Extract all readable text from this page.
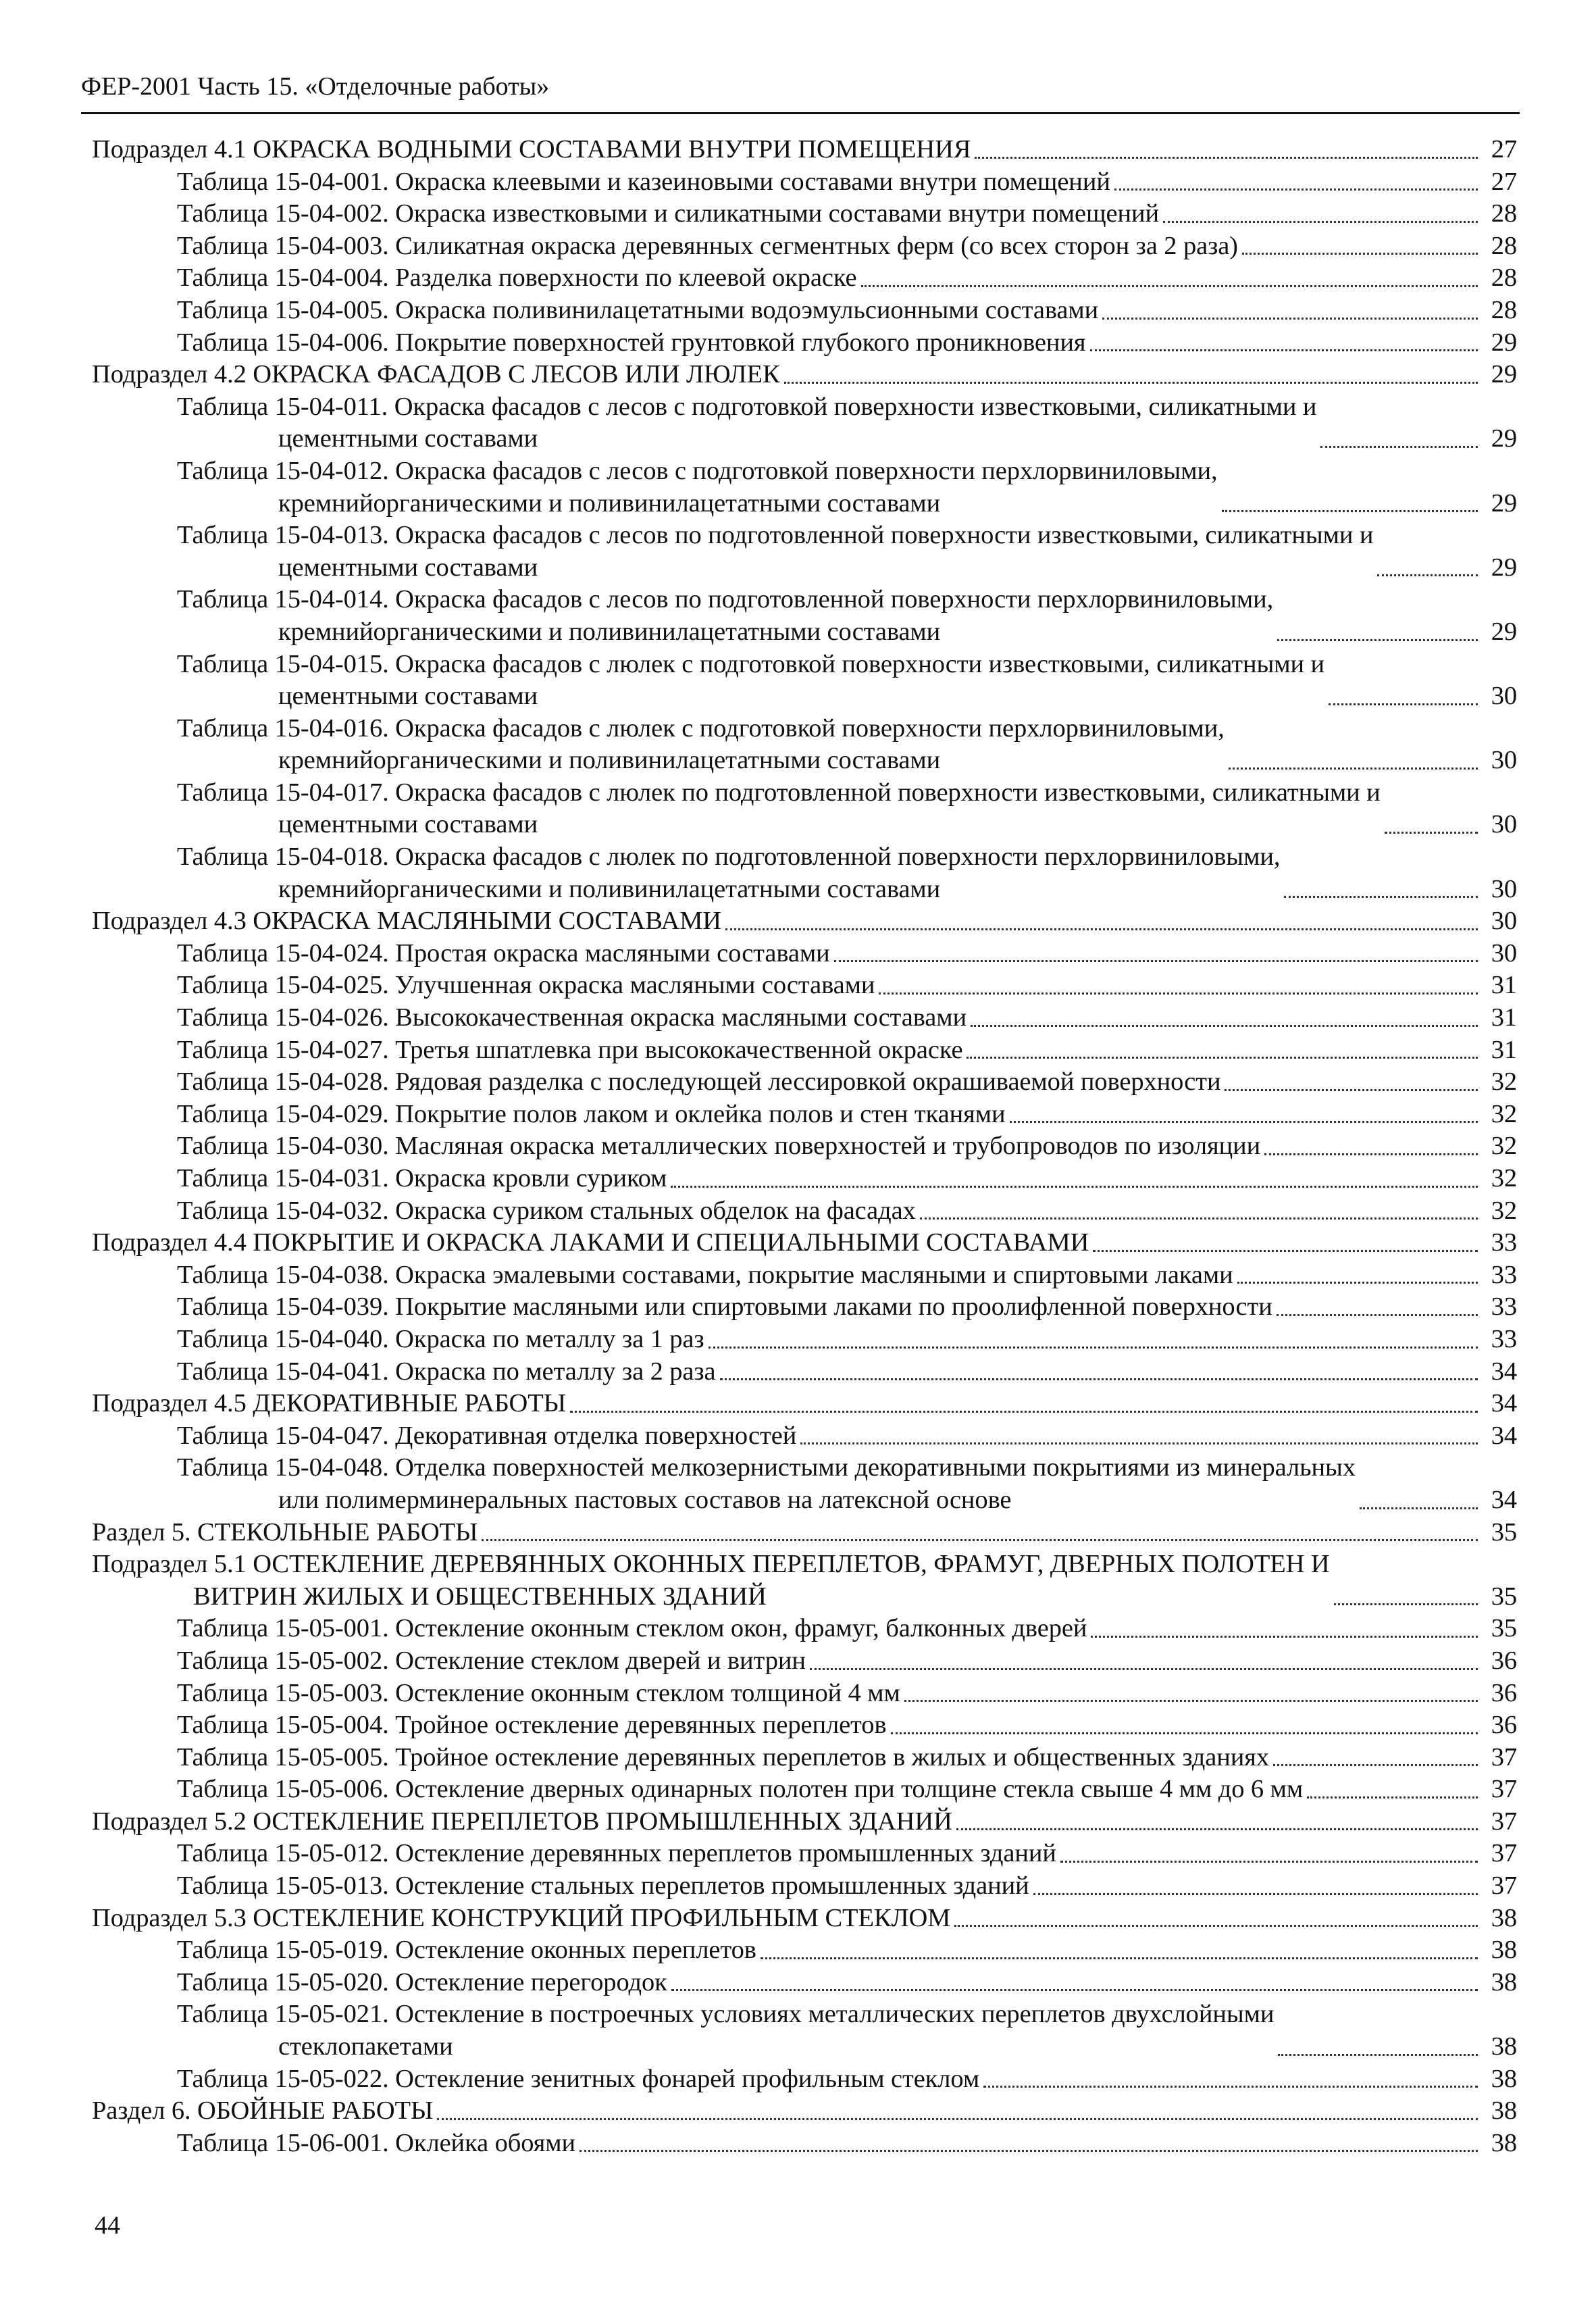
ФЕР-2001 Часть 15. «Отделочные работы»
Подраздел 4.1 ОКРАСКА ВОДНЫМИ СОСТАВАМИ ВНУТРИ ПОМЕЩЕНИЯ	27
Таблица 15-04-001. Окраска клеевыми и казеиновыми составами внутри помещений	27
Таблица 15-04-002. Окраска известковыми и силикатными составами внутри помещений	28
Таблица 15-04-003. Силикатная окраска деревянных сегментных ферм (со всех сторон за 2 раза)	28
Таблица 15-04-004. Разделка поверхности по клеевой окраске	28
Таблица 15-04-005. Окраска поливинилацетатными водоэмульсионными составами	28
Таблица 15-04-006. Покрытие поверхностей грунтовкой глубокого проникновения	29
Подраздел 4.2 ОКРАСКА ФАСАДОВ С ЛЕСОВ ИЛИ ЛЮЛЕК	29
Таблица 15-04-011. Окраска фасадов с лесов с подготовкой поверхности известковыми, силикатными и
цементными составами	29
Таблица 15-04-012. Окраска фасадов с лесов с подготовкой поверхности перхлорвиниловыми,
кремнийорганическими и поливинилацетатными составами	29
Таблица 15-04-013. Окраска фасадов с лесов по подготовленной поверхности известковыми, силикатными и
цементными составами	29
Таблица 15-04-014. Окраска фасадов с лесов по подготовленной поверхности перхлорвиниловыми,
кремнийорганическими и поливинилацетатными составами	29
Таблица 15-04-015. Окраска фасадов с люлек с подготовкой поверхности известковыми, силикатными и
цементными составами	30
Таблица 15-04-016. Окраска фасадов с люлек с подготовкой поверхности перхлорвиниловыми,
кремнийорганическими и поливинилацетатными составами	30
Таблица 15-04-017. Окраска фасадов с люлек по подготовленной поверхности известковыми, силикатными и
цементными составами	30
Таблица 15-04-018. Окраска фасадов с люлек по подготовленной поверхности перхлорвиниловыми,
кремнийорганическими и поливинилацетатными составами	30
Подраздел 4.3 ОКРАСКА МАСЛЯНЫМИ СОСТАВАМИ	30
Таблица 15-04-024. Простая окраска масляными составами	30
Таблица 15-04-025. Улучшенная окраска масляными составами	31
Таблица 15-04-026. Высококачественная окраска масляными составами	31
Таблица 15-04-027. Третья шпатлевка при высококачественной окраске	31
Таблица 15-04-028. Рядовая разделка с последующей лессировкой окрашиваемой поверхности	32
Таблица 15-04-029. Покрытие полов лаком и оклейка полов и стен тканями	32
Таблица 15-04-030. Масляная окраска металлических поверхностей и трубопроводов по изоляции	32
Таблица 15-04-031. Окраска кровли суриком	32
Таблица 15-04-032. Окраска суриком стальных обделок на фасадах	32
Подраздел 4.4 ПОКРЫТИЕ И ОКРАСКА ЛАКАМИ И СПЕЦИАЛЬНЫМИ СОСТАВАМИ	33
Таблица 15-04-038. Окраска эмалевыми составами, покрытие масляными и спиртовыми лаками	33
Таблица 15-04-039. Покрытие масляными или спиртовыми лаками по проолифленной поверхности	33
Таблица 15-04-040. Окраска по металлу за 1 раз	33
Таблица 15-04-041. Окраска по металлу за 2 раза	34
Подраздел 4.5 ДЕКОРАТИВНЫЕ РАБОТЫ	34
Таблица 15-04-047. Декоративная отделка поверхностей	34
Таблица 15-04-048. Отделка поверхностей мелкозернистыми декоративными покрытиями из минеральных
или полимерминеральных пастовых составов на латексной основе	34
Раздел 5. СТЕКОЛЬНЫЕ РАБОТЫ	35
Подраздел 5.1 ОСТЕКЛЕНИЕ ДЕРЕВЯННЫХ ОКОННЫХ ПЕРЕПЛЕТОВ, ФРАМУГ, ДВЕРНЫХ ПОЛОТЕН И
ВИТРИН ЖИЛЫХ И ОБЩЕСТВЕННЫХ ЗДАНИЙ	35
Таблица 15-05-001. Остекление оконным стеклом окон, фрамуг, балконных дверей	35
Таблица 15-05-002. Остекление стеклом дверей и витрин	36
Таблица 15-05-003. Остекление оконным стеклом толщиной 4 мм	36
Таблица 15-05-004. Тройное остекление деревянных переплетов	36
Таблица 15-05-005. Тройное остекление деревянных переплетов в жилых и общественных зданиях	37
Таблица 15-05-006. Остекление дверных одинарных полотен при толщине стекла свыше 4 мм до 6 мм	37
Подраздел 5.2 ОСТЕКЛЕНИЕ ПЕРЕПЛЕТОВ ПРОМЫШЛЕННЫХ ЗДАНИЙ	37
Таблица 15-05-012. Остекление деревянных переплетов промышленных зданий	37
Таблица 15-05-013. Остекление стальных переплетов промышленных зданий	37
Подраздел 5.3 ОСТЕКЛЕНИЕ КОНСТРУКЦИЙ ПРОФИЛЬНЫМ СТЕКЛОМ	38
Таблица 15-05-019. Остекление оконных переплетов	38
Таблица 15-05-020. Остекление перегородок	38
Таблица 15-05-021. Остекление в построечных условиях металлических переплетов двухслойными
стеклопакетами	38
Таблица 15-05-022. Остекление зенитных фонарей профильным стеклом	38
Раздел 6. ОБОЙНЫЕ РАБОТЫ	38
Таблица 15-06-001. Оклейка обоями	38
44
